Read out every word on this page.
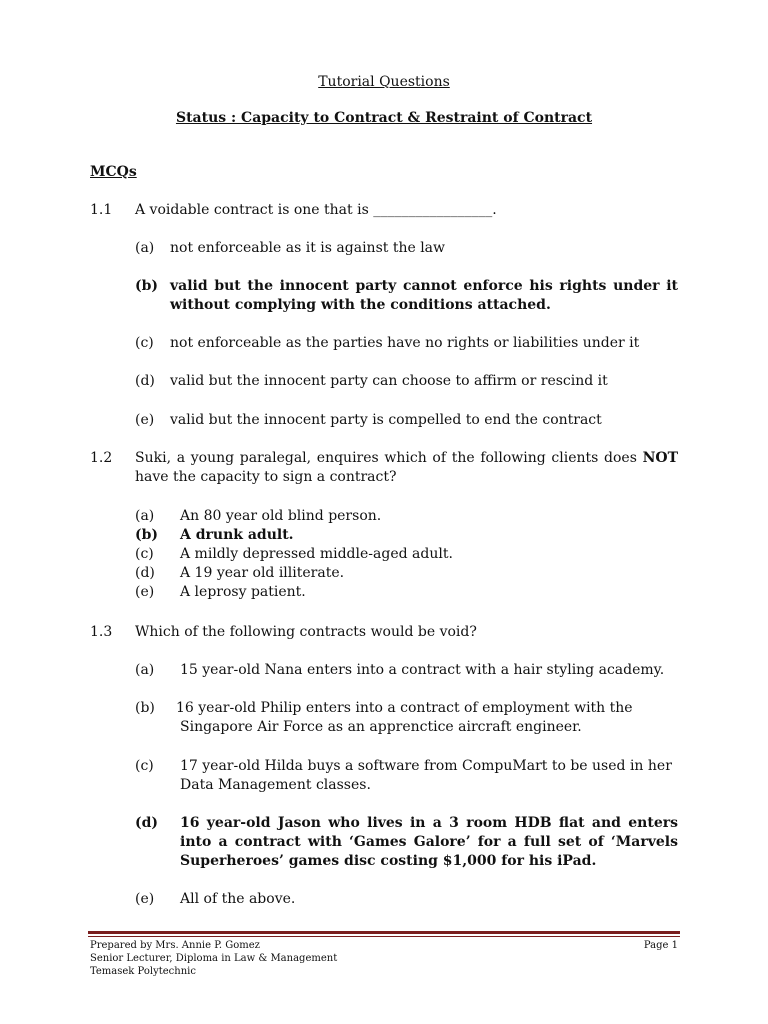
Tutorial Questions
Status : Capacity to Contract & Restraint of Contract
MCQs
1.1 A voidable contract is one that is _________________.
(a) not enforceable as it is against the law
(b) valid but the innocent party cannot enforce his rights under it without complying with the conditions attached.
(c) not enforceable as the parties have no rights or liabilities under it
(d) valid but the innocent party can choose to affirm or rescind it
(e) valid but the innocent party is compelled to end the contract
1.2 Suki, a young paralegal, enquires which of the following clients does NOT have the capacity to sign a contract?
(a) An 80 year old blind person.
(b) A drunk adult.
(c) A mildly depressed middle-aged adult.
(d) A 19 year old illiterate.
(e) A leprosy patient.
1.3 Which of the following contracts would be void?
(a) 15 year-old Nana enters into a contract with a hair styling academy.
(b) 16 year-old Philip enters into a contract of employment with the Singapore Air Force as an apprenctice aircraft engineer.
(c) 17 year-old Hilda buys a software from CompuMart to be used in her Data Management classes.
(d) 16 year-old Jason who lives in a 3 room HDB flat and enters into a contract with ‘Games Galore’ for a full set of ‘Marvels Superheroes’ games disc costing $1,000 for his iPad.
(e) All of the above.
Prepared by Mrs. Annie P. Gomez
Senior Lecturer, Diploma in Law & Management
Temasek Polytechnic
Page 1
